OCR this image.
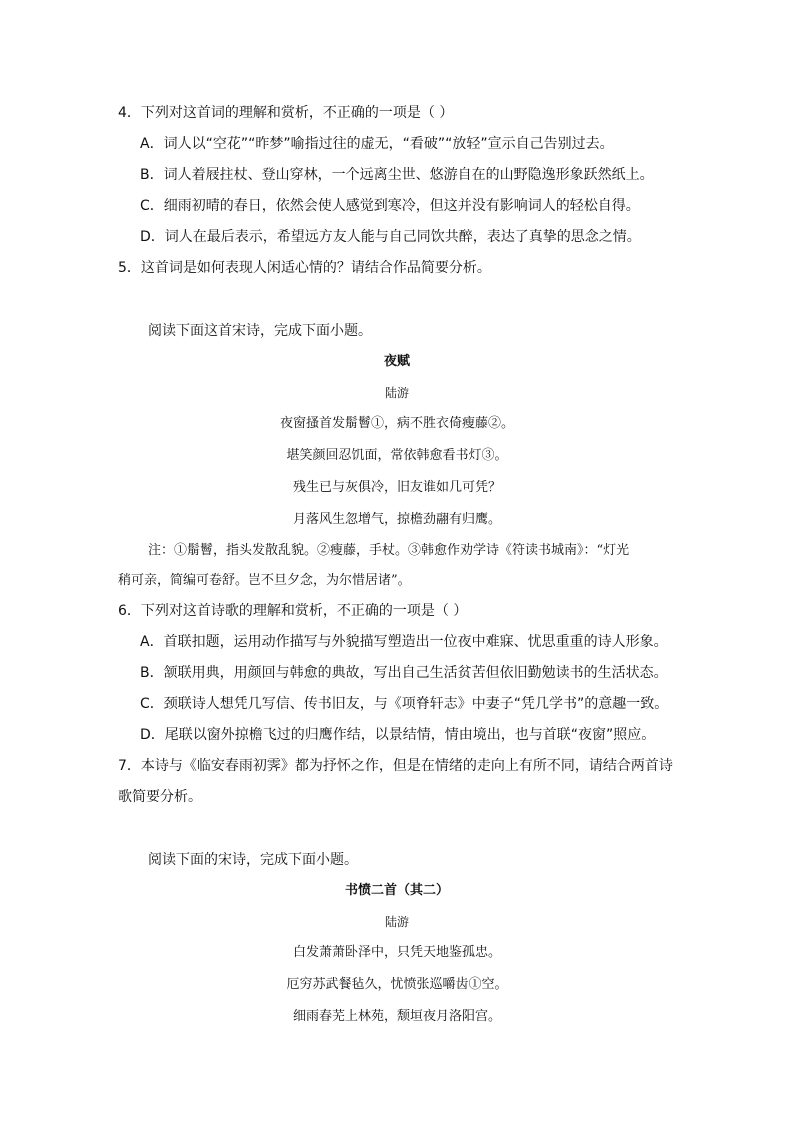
4．下列对这首词的理解和赏析，不正确的一项是（ ）
A．词人以“空花”“昨梦”喻指过往的虚无，“看破”“放轻”宣示自己告别过去。
B．词人着屐拄杖、登山穿林，一个远离尘世、悠游自在的山野隐逸形象跃然纸上。
C．细雨初晴的春日，依然会使人感觉到寒冷，但这并没有影响词人的轻松自得。
D．词人在最后表示，希望远方友人能与自己同饮共醉，表达了真挚的思念之情。
5．这首词是如何表现人闲适心情的？请结合作品简要分析。
阅读下面这首宋诗，完成下面小题。
夜赋
陆游
夜窗搔首发鬅鬙①，病不胜衣倚瘦藤②。
堪笑颜回忍饥面，常依韩愈看书灯③。
残生已与灰俱冷，旧友谁如几可凭？
月落风生忽增气，掠檐劲翮有归鹰。
注：①鬅鬙，指头发散乱貌。②瘦藤，手杖。③韩愈作劝学诗《符读书城南》：“灯光
稍可亲，简编可卷舒。岂不旦夕念，为尔惜居诸”。
6．下列对这首诗歌的理解和赏析，不正确的一项是（ ）
A．首联扣题，运用动作描写与外貌描写塑造出一位夜中难寐、忧思重重的诗人形象。
B．颔联用典，用颜回与韩愈的典故，写出自己生活贫苦但依旧勤勉读书的生活状态。
C．颈联诗人想凭几写信、传书旧友，与《项脊轩志》中妻子“凭几学书”的意趣一致。
D．尾联以窗外掠檐飞过的归鹰作结，以景结情，情由境出，也与首联“夜窗”照应。
7．本诗与《临安春雨初霁》都为抒怀之作，但是在情绪的走向上有所不同，请结合两首诗
歌简要分析。
阅读下面的宋诗，完成下面小题。
书愤二首（其二）
陆游
白发萧萧卧泽中，只凭天地鉴孤忠。
厄穷苏武餐毡久，忧愤张巡嚼齿①空。
细雨春芜上林苑，颓垣夜月洛阳宫。
